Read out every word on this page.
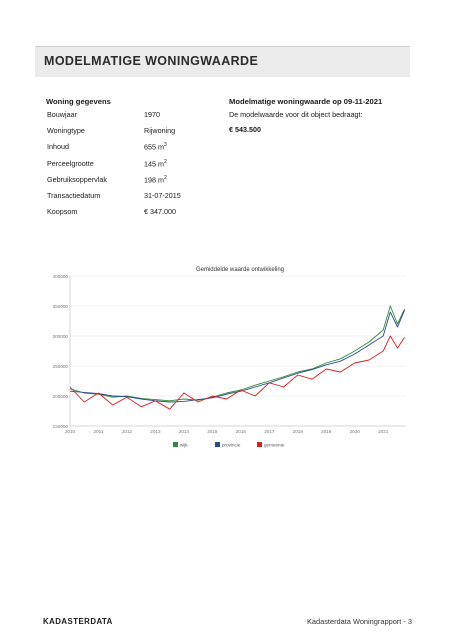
MODELMATIGE WONINGWAARDE
Woning gegevens
Bouwjaar	1970
Woningtype	Rijwoning
Inhoud	655 $m^3$
Perceelgrootte	145 $m^2$
Gebruiksoppervlak	198 $m^2$
Transactiedatum	31-07-2015
Koopsom	€ 347.000
Modelmatige woningwaarde op 09-11-2021
De modelwaarde voor dit object bedraagt:
€ 543.500
Gemiddelde waarde ontwikkeling
150000
200000
250000
300000
350000
400000
2010	2011	2012	2013	2014	2015	2016	2017	2018	2019	2020	2021
wijk	provincie	gemeente
KADASTERDATA	Kadasterdata Woningrapport - 3
